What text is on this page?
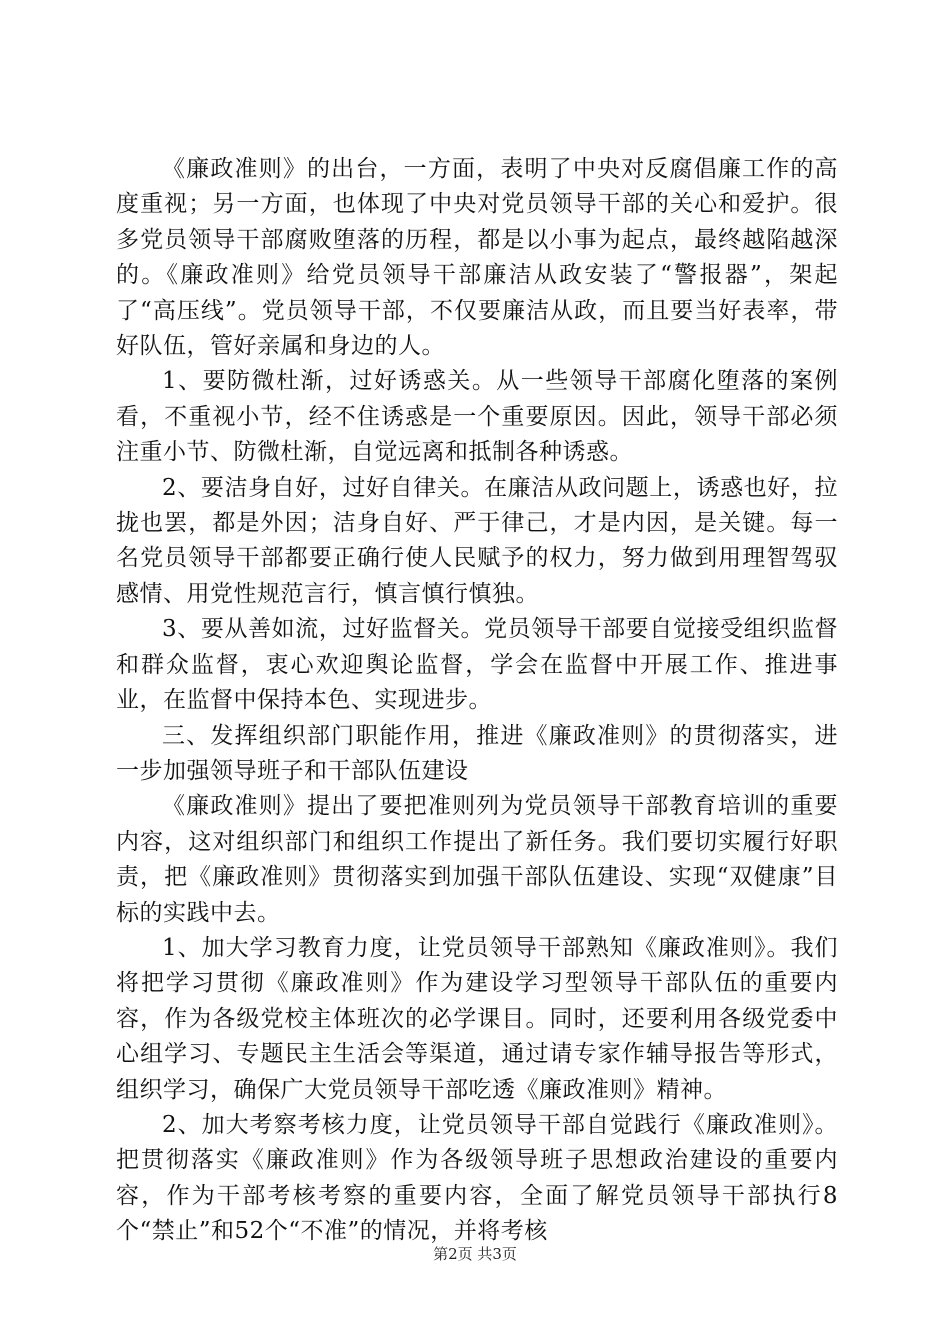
《廉政准则》的出台，一方面，表明了中央对反腐倡廉工作的高度重视；另一方面，也体现了中央对党员领导干部的关心和爱护。很多党员领导干部腐败堕落的历程，都是以小事为起点，最终越陷越深的。《廉政准则》给党员领导干部廉洁从政安装了“警报器”，架起了“高压线”。党员领导干部，不仅要廉洁从政，而且要当好表率，带好队伍，管好亲属和身边的人。

1、要防微杜渐，过好诱惑关。从一些领导干部腐化堕落的案例看，不重视小节，经不住诱惑是一个重要原因。因此，领导干部必须注重小节、防微杜渐，自觉远离和抵制各种诱惑。

2、要洁身自好，过好自律关。在廉洁从政问题上，诱惑也好，拉拢也罢，都是外因；洁身自好、严于律己，才是内因，是关键。每一名党员领导干部都要正确行使人民赋予的权力，努力做到用理智驾驭感情、用党性规范言行，慎言慎行慎独。

3、要从善如流，过好监督关。党员领导干部要自觉接受组织监督和群众监督，衷心欢迎舆论监督，学会在监督中开展工作、推进事业，在监督中保持本色、实现进步。

三、发挥组织部门职能作用，推进《廉政准则》的贯彻落实，进一步加强领导班子和干部队伍建设

《廉政准则》提出了要把准则列为党员领导干部教育培训的重要内容，这对组织部门和组织工作提出了新任务。我们要切实履行好职责，把《廉政准则》贯彻落实到加强干部队伍建设、实现“双健康”目标的实践中去。

1、加大学习教育力度，让党员领导干部熟知《廉政准则》。我们将把学习贯彻《廉政准则》作为建设学习型领导干部队伍的重要内容，作为各级党校主体班次的必学课目。同时，还要利用各级党委中心组学习、专题民主生活会等渠道，通过请专家作辅导报告等形式，组织学习，确保广大党员领导干部吃透《廉政准则》精神。

2、加大考察考核力度，让党员领导干部自觉践行《廉政准则》。把贯彻落实《廉政准则》作为各级领导班子思想政治建设的重要内容，作为干部考核考察的重要内容，全面了解党员领导干部执行8个“禁止”和52个“不准”的情况，并将考核

第2页 共3页
